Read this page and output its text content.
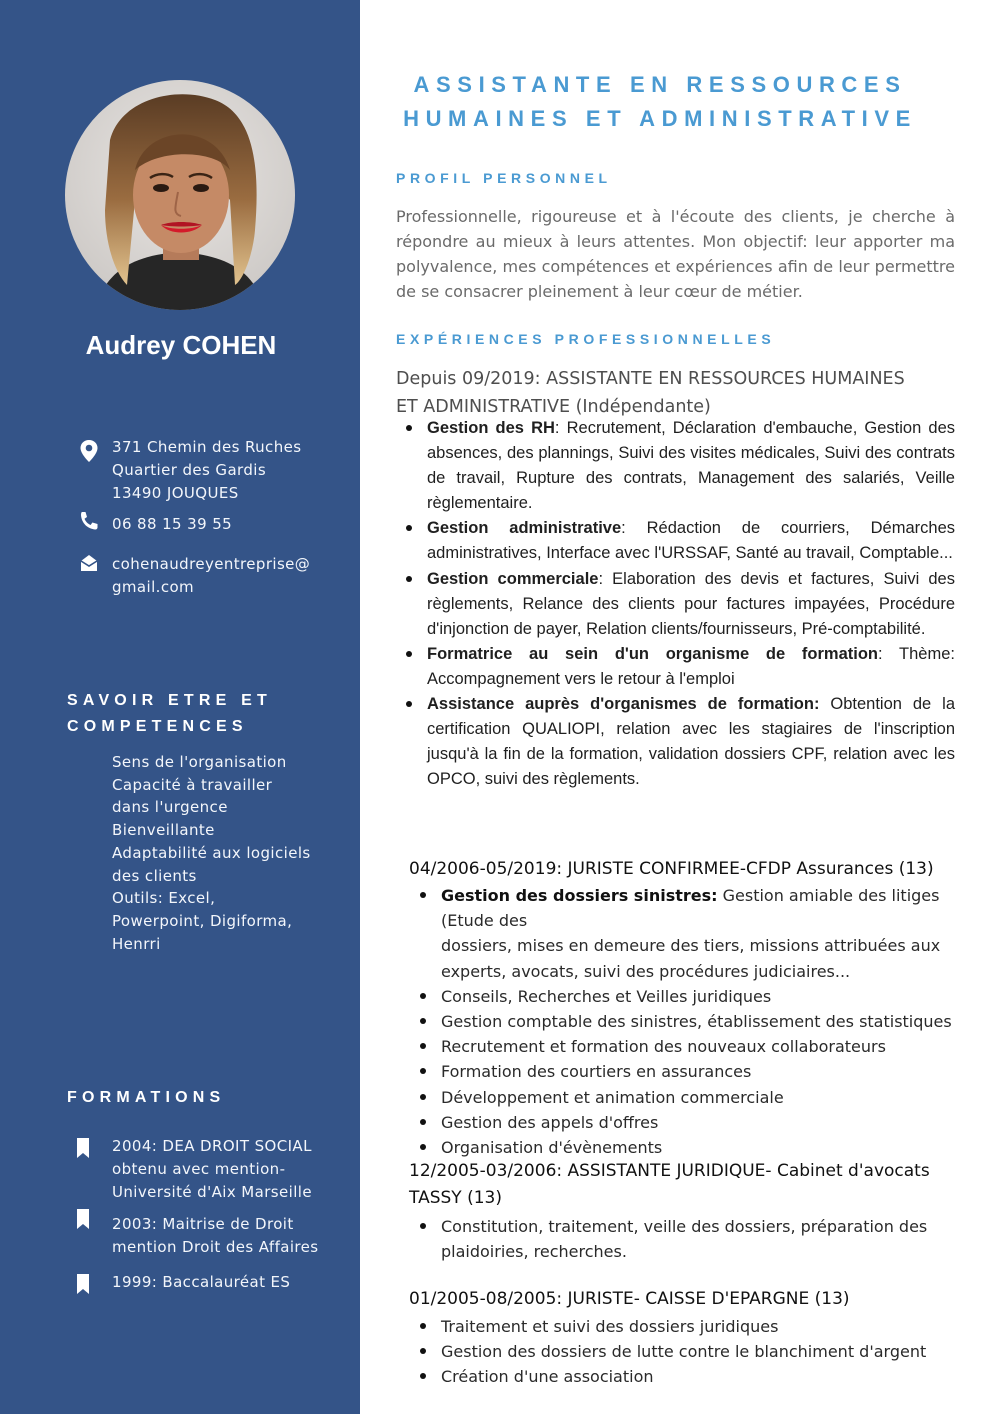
Audrey COHEN
371 Chemin des Ruches
Quartier des Gardis
13490 JOUQUES
06 88 15 39 55
cohenaudreyentreprise@
gmail.com
SAVOIR ETRE ET
COMPETENCES
Sens de l'organisation
Capacité à travailler
dans l'urgence
Bienveillante
Adaptabilité aux logiciels
des clients
Outils: Excel,
Powerpoint, Digiforma,
Henrri
FORMATIONS
2004: DEA DROIT SOCIAL
obtenu avec mention-
Université d'Aix Marseille
2003: Maitrise de Droit
mention Droit des Affaires
1999: Baccalauréat ES
ASSISTANTE EN RESSOURCES
HUMAINES ET ADMINISTRATIVE
PROFIL PERSONNEL
Professionnelle, rigoureuse et à l'écoute des clients, je cherche à répondre au mieux à leurs attentes. Mon objectif: leur apporter ma polyvalence, mes compétences et expériences afin de leur permettre de se consacrer pleinement à leur cœur de métier.
EXPÉRIENCES PROFESSIONNELLES
Depuis 09/2019: ASSISTANTE EN RESSOURCES HUMAINES
ET ADMINISTRATIVE (Indépendante)
Gestion des RH: Recrutement, Déclaration d'embauche, Gestion des absences, des plannings, Suivi des visites médicales, Suivi des contrats de travail, Rupture des contrats, Management des salariés, Veille règlementaire.
Gestion administrative: Rédaction de courriers, Démarches administratives, Interface avec l'URSSAF, Santé au travail, Comptable...
Gestion commerciale: Elaboration des devis et factures, Suivi des règlements, Relance des clients pour factures impayées, Procédure d'injonction de payer, Relation clients/fournisseurs, Pré-comptabilité.
Formatrice au sein d'un organisme de formation: Thème: Accompagnement vers le retour à l'emploi
Assistance auprès d'organismes de formation: Obtention de la certification QUALIOPI, relation avec les stagiaires de l'inscription jusqu'à la fin de la formation, validation dossiers CPF, relation avec les OPCO, suivi des règlements.
04/2006-05/2019: JURISTE CONFIRMEE-CFDP Assurances (13)
Gestion des dossiers sinistres: Gestion amiable des litiges (Etude des
dossiers, mises en demeure des tiers, missions attribuées aux
experts, avocats, suivi des procédures judiciaires...
Conseils, Recherches et Veilles juridiques
Gestion comptable des sinistres, établissement des statistiques
Recrutement et formation des nouveaux collaborateurs
Formation des courtiers en assurances
Développement et animation commerciale
Gestion des appels d'offres
Organisation d'évènements
12/2005-03/2006: ASSISTANTE JURIDIQUE- Cabinet d'avocats
TASSY (13)
Constitution, traitement, veille des dossiers, préparation des
plaidoiries, recherches.
01/2005-08/2005: JURISTE- CAISSE D'EPARGNE (13)
Traitement et suivi des dossiers juridiques
Gestion des dossiers de lutte contre le blanchiment d'argent
Création d'une association
